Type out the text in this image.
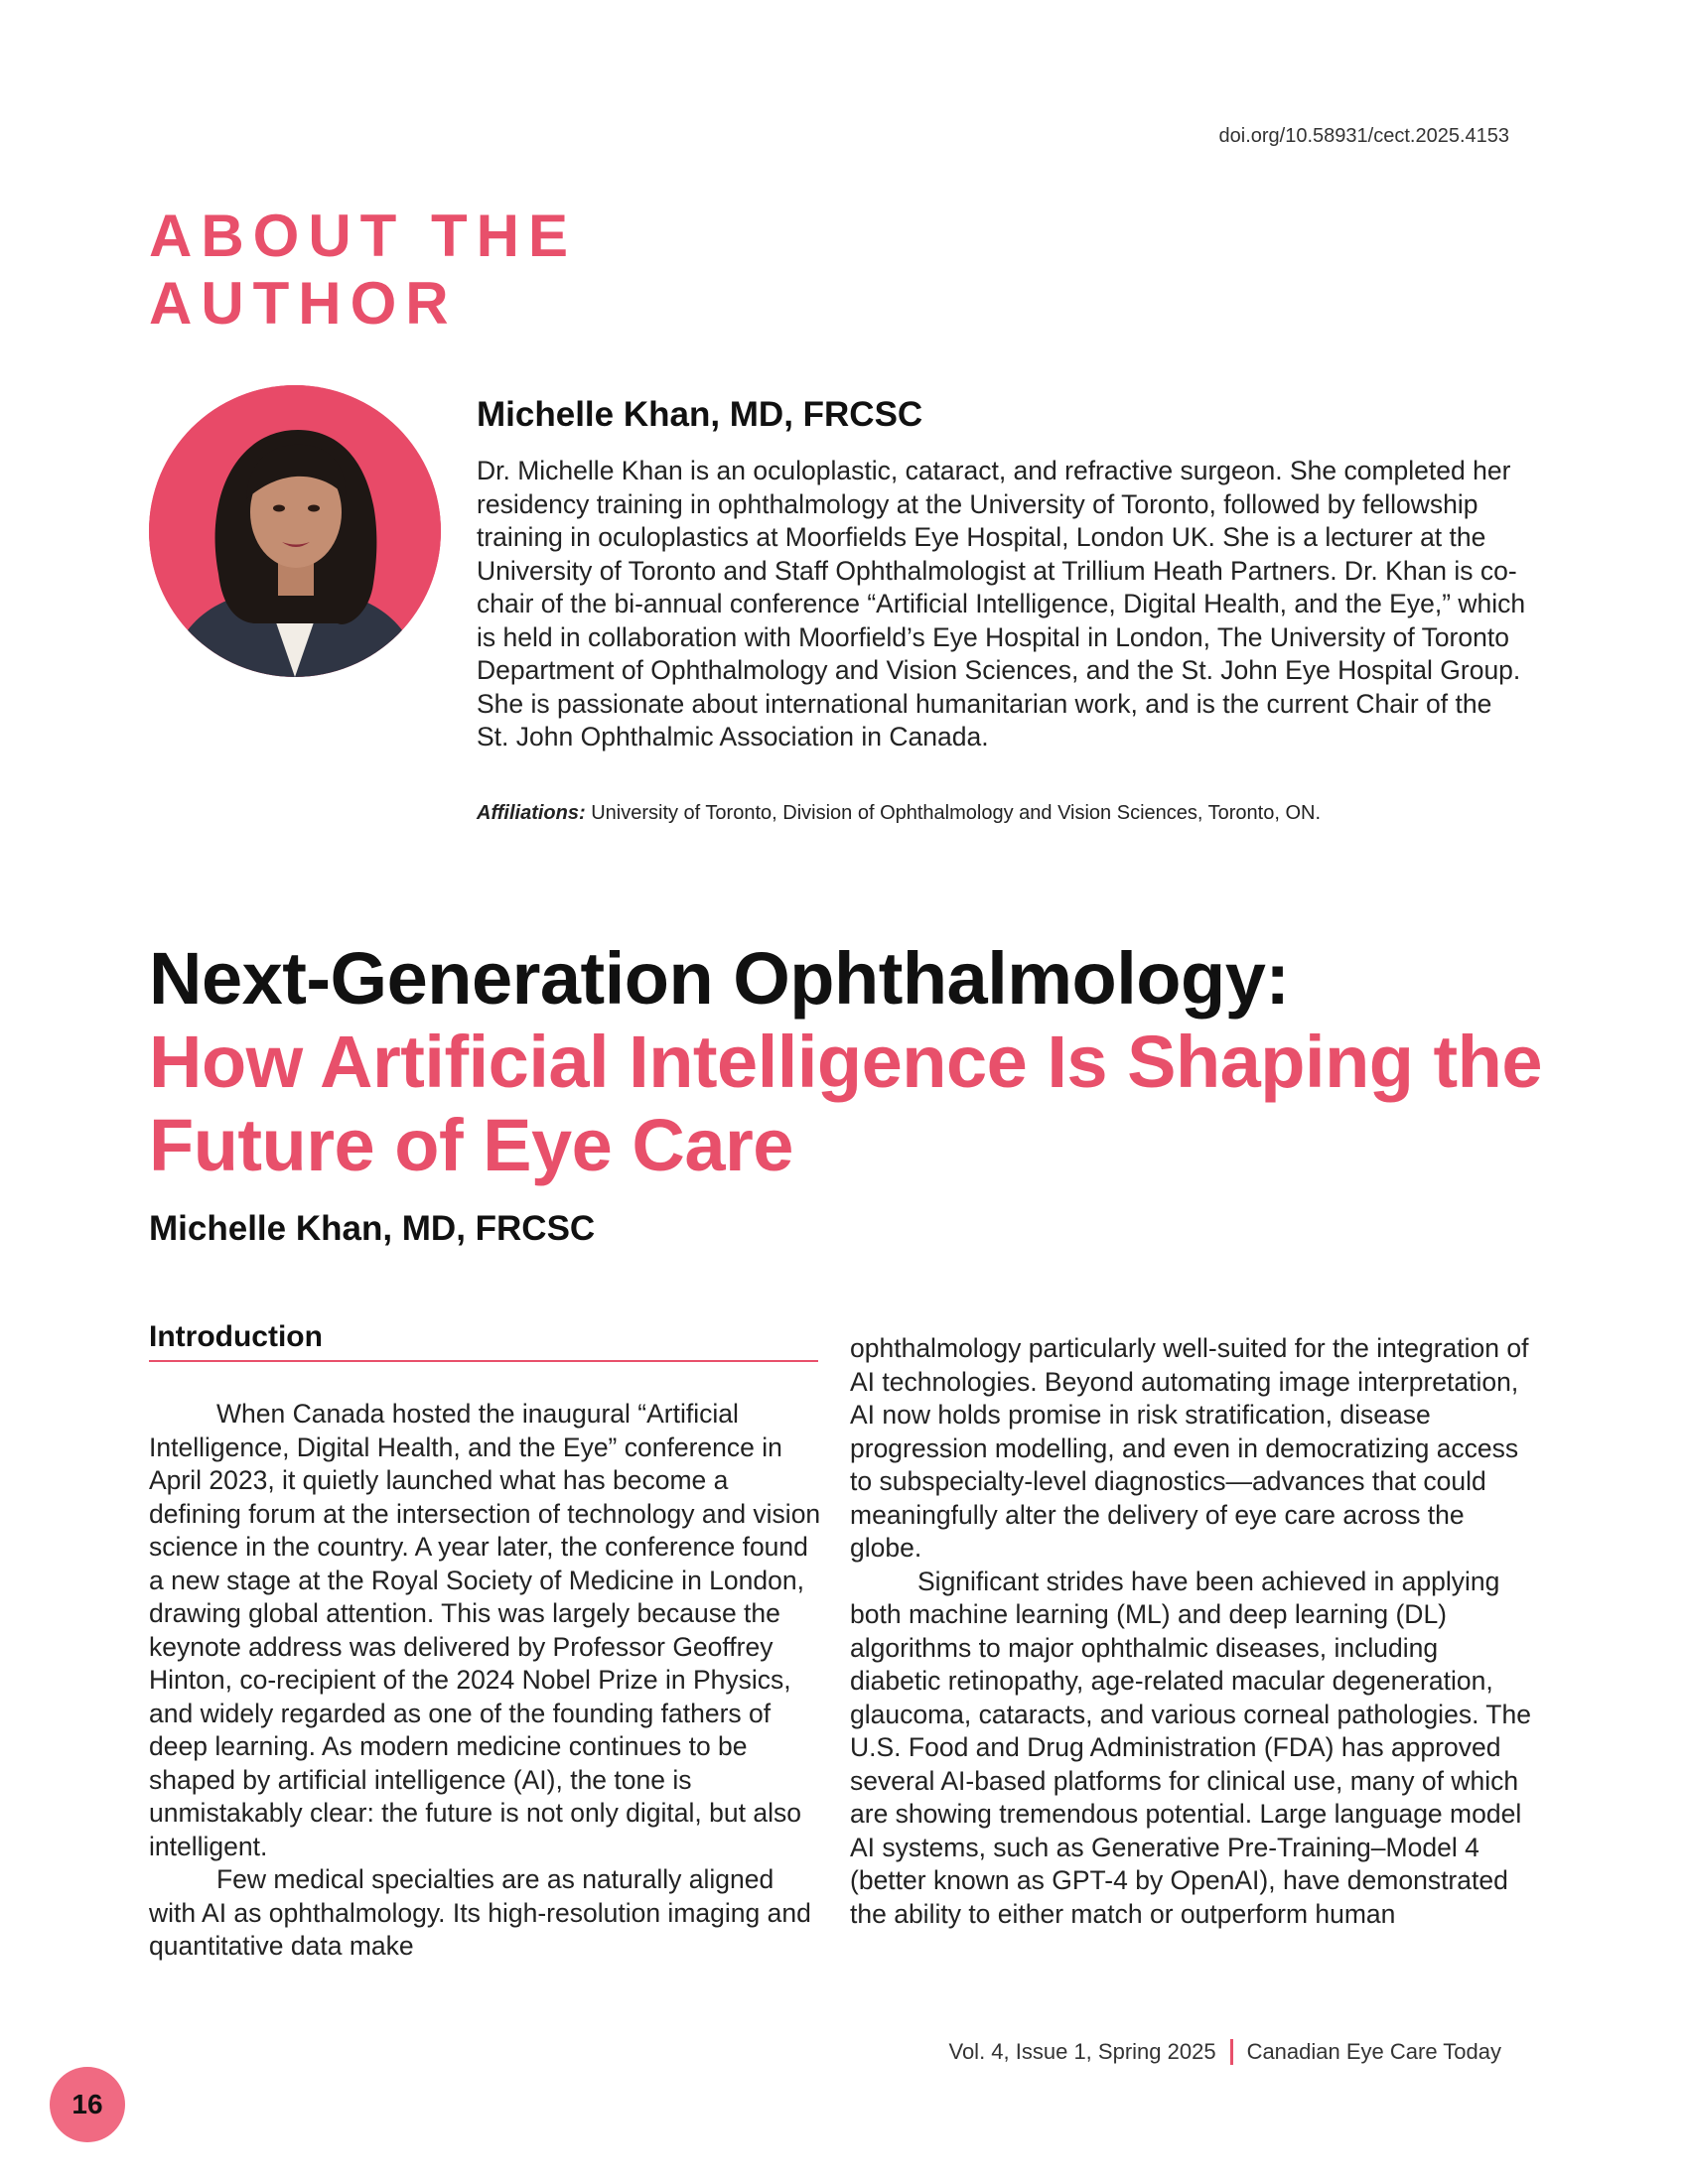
doi.org/10.58931/cect.2025.4153
ABOUT THE
AUTHOR
Michelle Khan, MD, FRCSC
Dr. Michelle Khan is an oculoplastic, cataract, and refractive surgeon. She completed her residency training in ophthalmology at the University of Toronto, followed by fellowship training in oculoplastics at Moorfields Eye Hospital, London UK. She is a lecturer at the University of Toronto and Staff Ophthalmologist at Trillium Heath Partners. Dr. Khan is co-chair of the bi-annual conference “Artificial Intelligence, Digital Health, and the Eye,” which is held in collaboration with Moorfield’s Eye Hospital in London, The University of Toronto Department of Ophthalmology and Vision Sciences, and the St. John Eye Hospital Group. She is passionate about international humanitarian work, and is the current Chair of the St. John Ophthalmic Association in Canada.
Affiliations: University of Toronto, Division of Ophthalmology and Vision Sciences, Toronto, ON.
Next-Generation Ophthalmology:
How Artificial Intelligence Is Shaping the Future of Eye Care
Michelle Khan, MD, FRCSC
Introduction

When Canada hosted the inaugural “Artificial Intelligence, Digital Health, and the Eye” conference in April 2023, it quietly launched what has become a defining forum at the intersection of technology and vision science in the country. A year later, the conference found a new stage at the Royal Society of Medicine in London, drawing global attention. This was largely because the keynote address was delivered by Professor Geoffrey Hinton, co-recipient of the 2024 Nobel Prize in Physics, and widely regarded as one of the founding fathers of deep learning. As modern medicine continues to be shaped by artificial intelligence (AI), the tone is unmistakably clear: the future is not only digital, but also intelligent.

Few medical specialties are as naturally aligned with AI as ophthalmology. Its high-resolution imaging and quantitative data make

ophthalmology particularly well-suited for the integration of AI technologies. Beyond automating image interpretation, AI now holds promise in risk stratification, disease progression modelling, and even in democratizing access to subspecialty-level diagnostics—advances that could meaningfully alter the delivery of eye care across the globe.

Significant strides have been achieved in applying both machine learning (ML) and deep learning (DL) algorithms to major ophthalmic diseases, including diabetic retinopathy, age-related macular degeneration, glaucoma, cataracts, and various corneal pathologies. The U.S. Food and Drug Administration (FDA) has approved several AI-based platforms for clinical use, many of which are showing tremendous potential. Large language model AI systems, such as Generative Pre-Training–Model 4 (better known as GPT-4 by OpenAI), have demonstrated the ability to either match or outperform human

Vol. 4, Issue 1, Spring 2025 Canadian Eye Care Today
16
